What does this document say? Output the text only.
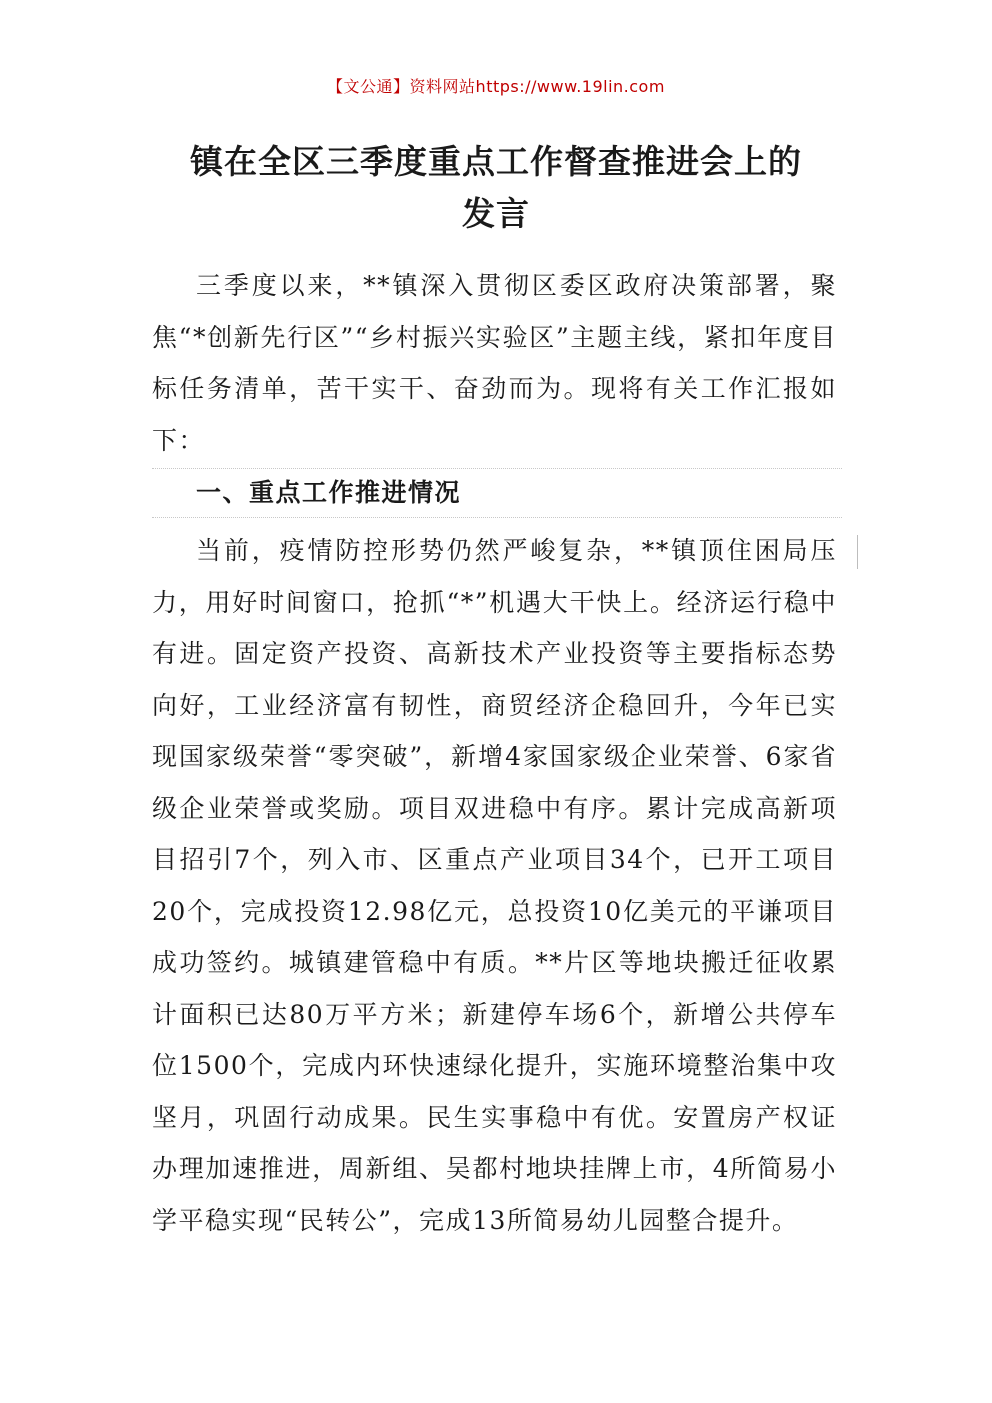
【文公通】资料网站https://www.19lin.com
镇在全区三季度重点工作督查推进会上的
发言
三季度以来，**镇深入贯彻区委区政府决策部署，聚焦“*创新先行区”“乡村振兴实验区”主题主线，紧扣年度目标任务清单，苦干实干、奋劲而为。现将有关工作汇报如下：
一、重点工作推进情况
当前，疫情防控形势仍然严峻复杂，**镇顶住困局压力，用好时间窗口，抢抓“*”机遇大干快上。经济运行稳中有进。固定资产投资、高新技术产业投资等主要指标态势向好，工业经济富有韧性，商贸经济企稳回升，今年已实现国家级荣誉“零突破”，新增4家国家级企业荣誉、6家省级企业荣誉或奖励。项目双进稳中有序。累计完成高新项目招引7个，列入市、区重点产业项目34个，已开工项目20个，完成投资12.98亿元，总投资10亿美元的平谦项目成功签约。城镇建管稳中有质。**片区等地块搬迁征收累计面积已达80万平方米；新建停车场6个，新增公共停车位1500个，完成内环快速绿化提升，实施环境整治集中攻坚月，巩固行动成果。民生实事稳中有优。安置房产权证办理加速推进，周新组、吴都村地块挂牌上市，4所简易小学平稳实现“民转公”，完成13所简易幼儿园整合提升。
